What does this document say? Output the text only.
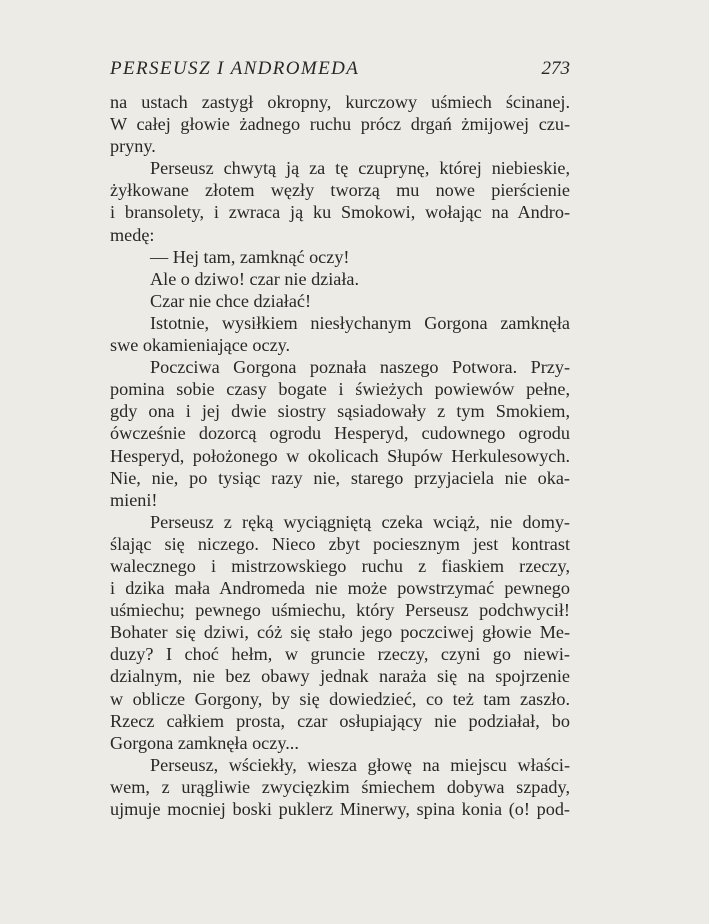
PERSEUSZ I ANDROMEDA	273
na ustach zastygł okropny, kurczowy uśmiech ścinanej.
W całej głowie żadnego ruchu prócz drgań żmijowej czu-
pryny.
Perseusz chwytą ją za tę czuprynę, której niebieskie,
żyłkowane złotem węzły tworzą mu nowe pierścienie
i bransolety, i zwraca ją ku Smokowi, wołając na Andro-
medę:
— Hej tam, zamknąć oczy!
Ale o dziwo! czar nie działa.
Czar nie chce działać!
Istotnie, wysiłkiem niesłychanym Gorgona zamknęła
swe okamieniające oczy.
Poczciwa Gorgona poznała naszego Potwora. Przy-
pomina sobie czasy bogate i świeżych powiewów pełne,
gdy ona i jej dwie siostry sąsiadowały z tym Smokiem,
ówcześnie dozorcą ogrodu Hesperyd, cudownego ogrodu
Hesperyd, położonego w okolicach Słupów Herkulesowych.
Nie, nie, po tysiąc razy nie, starego przyjaciela nie oka-
mieni!
Perseusz z ręką wyciągniętą czeka wciąż, nie domy-
ślając się niczego. Nieco zbyt pociesznym jest kontrast
walecznego i mistrzowskiego ruchu z fiaskiem rzeczy,
i dzika mała Andromeda nie może powstrzymać pewnego
uśmiechu; pewnego uśmiechu, który Perseusz podchwycił!
Bohater się dziwi, cóż się stało jego poczciwej głowie Me-
duzy? I choć hełm, w gruncie rzeczy, czyni go niewi-
dzialnym, nie bez obawy jednak naraża się na spojrzenie
w oblicze Gorgony, by się dowiedzieć, co też tam zaszło.
Rzecz całkiem prosta, czar osłupiający nie podziałał, bo
Gorgona zamknęła oczy...
Perseusz, wściekły, wiesza głowę na miejscu właści-
wem, z urągliwie zwycięzkim śmiechem dobywa szpady,
ujmuje mocniej boski puklerz Minerwy, spina konia (o! pod-
